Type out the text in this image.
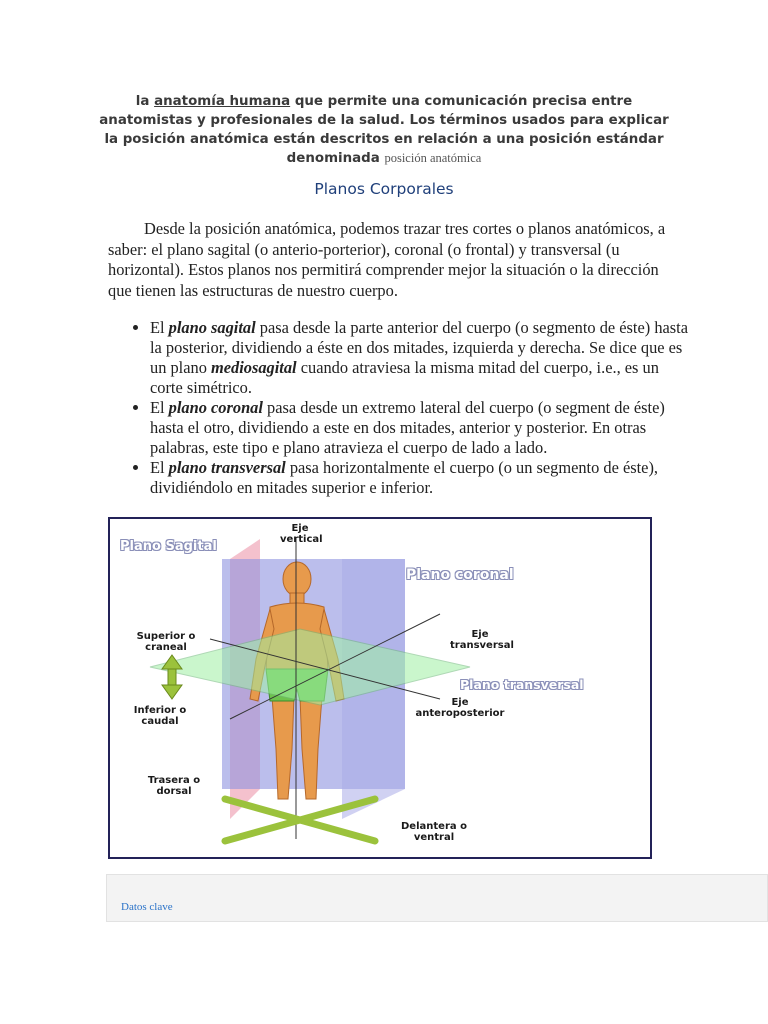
la anatomía humana que permite una comunicación precisa entre anatomistas y profesionales de la salud. Los términos usados para explicar la posición anatómica están descritos en relación a una posición estándar denominada posición anatómica
Planos Corporales
Desde la posición anatómica, podemos trazar tres cortes o planos anatómicos, a saber: el plano sagital (o anterio-porterior), coronal (o frontal) y transversal (u horizontal). Estos planos nos permitirá comprender mejor la situación o la dirección que tienen las estructuras de nuestro cuerpo.
• El plano sagital pasa desde la parte anterior del cuerpo (o segmento de éste) hasta la posterior, dividiendo a éste en dos mitades, izquierda y derecha. Se dice que es un plano mediosagital cuando atraviesa la misma mitad del cuerpo, i.e., es un corte simétrico.
• El plano coronal pasa desde un extremo lateral del cuerpo (o segment de éste) hasta el otro, dividiendo a este en dos mitades, anterior y posterior. En otras palabras, este tipo e plano atravieza el cuerpo de lado a lado.
• El plano transversal pasa horizontalmente el cuerpo (o un segmento de éste), dividiéndolo en mitades superior e inferior.
Plano Sagital
Plano coronal
Plano transversal
Eje vertical
Eje transversal
Eje anteroposterior
Superior o craneal
Inferior o caudal
Trasera o dorsal
Delantera o ventral
Datos clave
